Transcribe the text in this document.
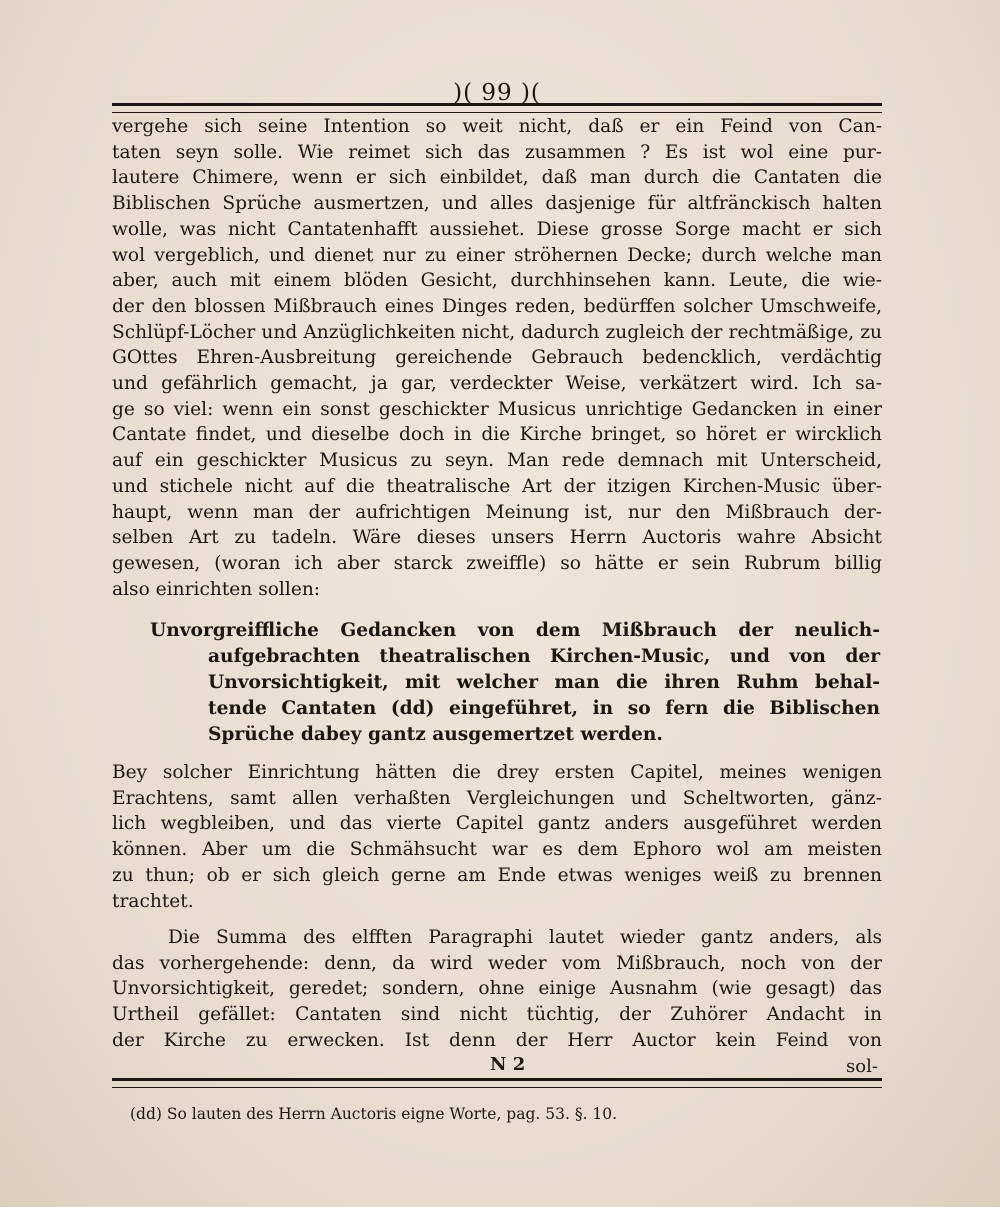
)( 99 )(
vergehe sich seine Intention so weit nicht, daß er ein Feind von Can-
taten seyn solle. Wie reimet sich das zusammen ? Es ist wol eine pur-
lautere Chimere, wenn er sich einbildet, daß man durch die Cantaten die
Biblischen Sprüche ausmertzen, und alles dasjenige für altfränckisch halten
wolle, was nicht Cantatenhafft aussiehet. Diese grosse Sorge macht er sich
wol vergeblich, und dienet nur zu einer ströhernen Decke; durch welche man
aber, auch mit einem blöden Gesicht, durchhinsehen kann. Leute, die wie-
der den blossen Mißbrauch eines Dinges reden, bedürffen solcher Umschweife,
Schlüpf-Löcher und Anzüglichkeiten nicht, dadurch zugleich der rechtmäßige, zu
GOttes Ehren-Ausbreitung gereichende Gebrauch bedencklich, verdächtig
und gefährlich gemacht, ja gar, verdeckter Weise, verkätzert wird. Ich sa-
ge so viel: wenn ein sonst geschickter Musicus unrichtige Gedancken in einer
Cantate findet, und dieselbe doch in die Kirche bringet, so höret er wircklich
auf ein geschickter Musicus zu seyn. Man rede demnach mit Unterscheid,
und stichele nicht auf die theatralische Art der itzigen Kirchen-Music über-
haupt, wenn man der aufrichtigen Meinung ist, nur den Mißbrauch der-
selben Art zu tadeln. Wäre dieses unsers Herrn Auctoris wahre Absicht
gewesen, (woran ich aber starck zweiffle) so hätte er sein Rubrum billig
also einrichten sollen:
Unvorgreiffliche Gedancken von dem Mißbrauch der neulich-
aufgebrachten theatralischen Kirchen-Music, und von der
Unvorsichtigkeit, mit welcher man die ihren Ruhm behal-
tende Cantaten (dd) eingeführet, in so fern die Biblischen
Sprüche dabey gantz ausgemertzet werden.
Bey solcher Einrichtung hätten die drey ersten Capitel, meines wenigen
Erachtens, samt allen verhaßten Vergleichungen und Scheltworten, gänz-
lich wegbleiben, und das vierte Capitel gantz anders ausgeführet werden
können. Aber um die Schmähsucht war es dem Ephoro wol am meisten
zu thun; ob er sich gleich gerne am Ende etwas weniges weiß zu brennen
trachtet.
Die Summa des elfften Paragraphi lautet wieder gantz anders, als
das vorhergehende: denn, da wird weder vom Mißbrauch, noch von der
Unvorsichtigkeit, geredet; sondern, ohne einige Ausnahm (wie gesagt) das
Urtheil gefället: Cantaten sind nicht tüchtig, der Zuhörer Andacht in
der Kirche zu erwecken. Ist denn der Herr Auctor kein Feind von
N 2	sol-
(dd) So lauten des Herrn Auctoris eigne Worte, pag. 53. §. 10.
